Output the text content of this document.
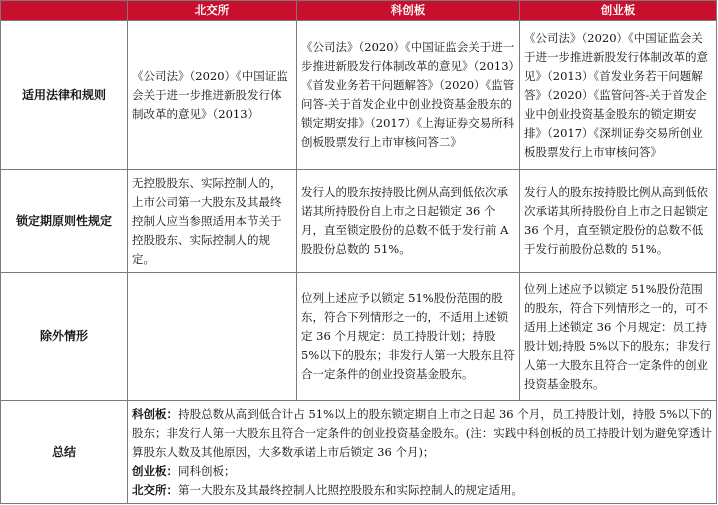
	北交所	科创板	创业板
适用法律和规则	《公司法》（2020）《中国证监会关于进一步推进新股发行体制改革的意见》（2013）	《公司法》（2020）《中国证监会关于进一步推进新股发行体制改革的意见》（2013）《首发业务若干问题解答》（2020）《监管问答-关于首发企业中创业投资基金股东的锁定期安排》（2017）《上海证券交易所科创板股票发行上市审核问答二》	《公司法》（2020）《中国证监会关于进一步推进新股发行体制改革的意见》（2013）《首发业务若干问题解答》（2020）《监管问答-关于首发企业中创业投资基金股东的锁定期安排》（2017）《深圳证券交易所创业板股票发行上市审核问答》
锁定期原则性规定	无控股股东、实际控制人的，上市公司第一大股东及其最终控制人应当参照适用本节关于控股股东、实际控制人的规定。	发行人的股东按持股比例从高到低依次承诺其所持股份自上市之日起锁定 36 个月，直至锁定股份的总数不低于发行前 A 股股份总数的 51%。	发行人的股东按持股比例从高到低依次承诺其所持股份自上市之日起锁定 36 个月，直至锁定股份的总数不低于发行前股份总数的 51%。
除外情形		位列上述应予以锁定 51%股份范围的股东，符合下列情形之一的，不适用上述锁定 36 个月规定：员工持股计划；持股 5%以下的股东；非发行人第一大股东且符合一定条件的创业投资基金股东。	位列上述应予以锁定 51%股份范围的股东，符合下列情形之一的，可不适用上述锁定 36 个月规定：员工持股计划;持股 5%以下的股东；非发行人第一大股东且符合一定条件的创业投资基金股东。
总结	科创板：持股总数从高到低合计占 51%以上的股东锁定期自上市之日起 36 个月，员工持股计划，持股 5%以下的股东；非发行人第一大股东且符合一定条件的创业投资基金股东。(注：实践中科创板的员工持股计划为避免穿透计算股东人数及其他原因，大多数承诺上市后锁定 36 个月)；
创业板：同科创板；
北交所：第一大股东及其最终控制人比照控股股东和实际控制人的规定适用。		
